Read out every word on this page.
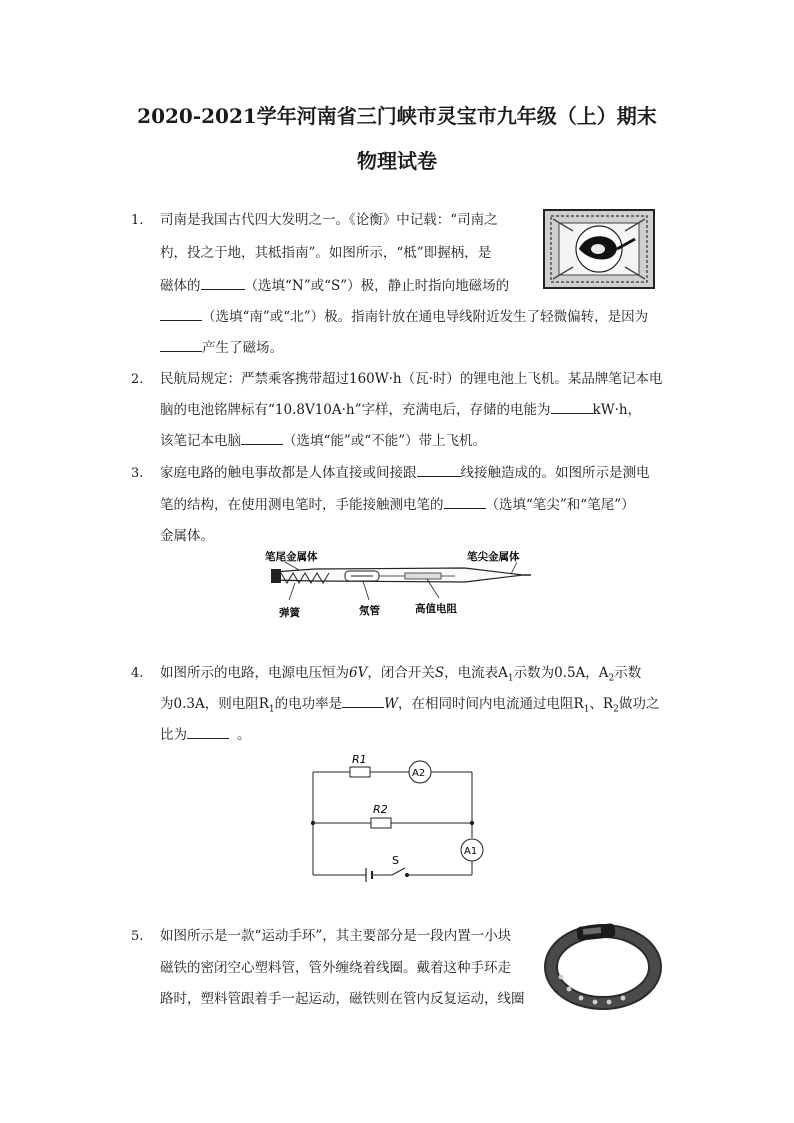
2020-2021学年河南省三门峡市灵宝市九年级（上）期末
物理试卷
1. 司南是我国古代四大发明之一。《论衡》中记载：“司南之
杓，投之于地，其柢指南”。如图所示，“柢”即握柄，是
磁体的	（选填“N”或“S”）极，静止时指向地磁场的
（选填“南”或“北”）极。指南针放在通电导线附近发生了轻微偏转，是因为
产生了磁场。
2. 民航局规定：严禁乘客携带超过160W·h（瓦·时）的锂电池上飞机。某品牌笔记本电
脑的电池铭牌标有“10.8V10A·h”字样，充满电后，存储的电能为	kW·h，
该笔记本电脑	（选填“能”或“不能”）带上飞机。
3. 家庭电路的触电事故都是人体直接或间接跟	线接触造成的。如图所示是测电
笔的结构，在使用测电笔时，手能接触测电笔的	（选填“笔尖”和“笔尾”）
金属体。
笔尾金属体	笔尖金属体
弹簧	氖管	高值电阻
4. 如图所示的电路，电源电压恒为6V，闭合开关S，电流表$A_1$示数为0.5A，$A_2$示数
为0.3A，则电阻$R_1$的电功率是	W，在相同时间内电流通过电阻$R_1$、$R_2$做功之
比为	。
R1
R2
A2
A1
S
5. 如图所示是一款“运动手环”，其主要部分是一段内置一小块
磁铁的密闭空心塑料管，管外缠绕着线圈。戴着这种手环走
路时，塑料管跟着手一起运动，磁铁则在管内反复运动，线圈
